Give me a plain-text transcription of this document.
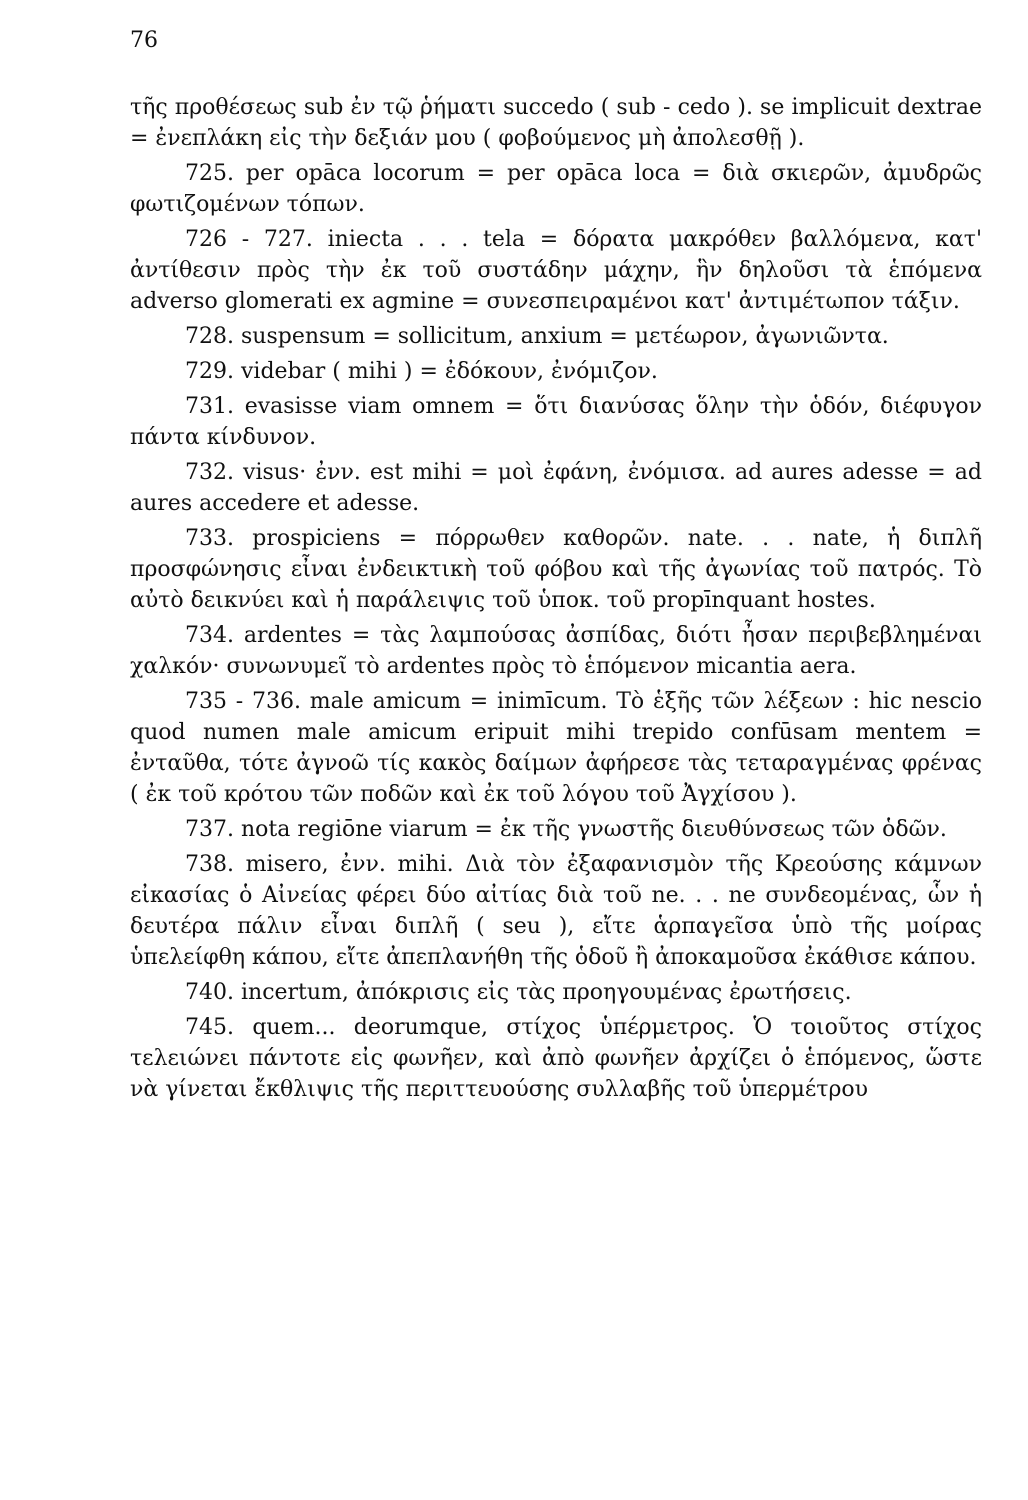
76

τῆς προθέσεως sub ἐν τῷ ῥήματι succedo ( sub - cedo ). se implicuit dextrae = ἐνεπλάκη εἰς τὴν δεξιάν μου ( φοβούμενος μὴ ἀπολεσθῇ ).

725. per opāca locorum = per opāca loca = διὰ σκιερῶν, ἀμυδρῶς φωτιζομένων τόπων.

726 - 727. iniecta . . . tela = δόρατα μακρόθεν βαλλόμενα, κατ' ἀντίθεσιν πρὸς τὴν ἐκ τοῦ συστάδην μάχην, ἣν δηλοῦσι τὰ ἑπόμενα adverso glomerati ex agmine = συνεσπειραμένοι κατ' ἀντιμέτωπον τάξιν.

728. suspensum = sollicitum, anxium = μετέωρον, ἀγωνιῶντα.

729. videbar ( mihi ) = ἐδόκουν, ἐνόμιζον.

731. evasisse viam omnem = ὅτι διανύσας ὅλην τὴν ὁδόν, διέφυγον πάντα κίνδυνον.

732. visus· ἐνν. est mihi = μοὶ ἐφάνη, ἐνόμισα. ad aures adesse = ad aures accedere et adesse.

733. prospiciens = πόρρωθεν καθορῶν. nate. . . nate, ἡ διπλῆ προσφώνησις εἶναι ἐνδεικτικὴ τοῦ φόβου καὶ τῆς ἀγωνίας τοῦ πατρός. Τὸ αὐτὸ δεικνύει καὶ ἡ παράλειψις τοῦ ὑποκ. τοῦ propīnquant hostes.

734. ardentes = τὰς λαμπούσας ἀσπίδας, διότι ἦσαν περιβεβλημέναι χαλκόν· συνωνυμεῖ τὸ ardentes πρὸς τὸ ἑπόμενον micantia aera.

735 - 736. male amicum = inimīcum. Τὸ ἑξῆς τῶν λέξεων : hic nescio quod numen male amicum eripuit mihi trepido confūsam mentem = ἐνταῦθα, τότε ἀγνοῶ τίς κακὸς δαίμων ἀφήρεσε τὰς τεταραγμένας φρένας ( ἐκ τοῦ κρότου τῶν ποδῶν καὶ ἐκ τοῦ λόγου τοῦ Ἀγχίσου ).

737. nota regiōne viarum = ἐκ τῆς γνωστῆς διευθύνσεως τῶν ὁδῶν.

738. misero, ἐνν. mihi. Διὰ τὸν ἐξαφανισμὸν τῆς Κρεούσης κάμνων εἰκασίας ὁ Αἰνείας φέρει δύο αἰτίας διὰ τοῦ ne. . . ne συνδεομένας, ὧν ἡ δευτέρα πάλιν εἶναι διπλῆ ( seu ), εἴτε ἁρπαγεῖσα ὑπὸ τῆς μοίρας ὑπελείφθη κάπου, εἴτε ἀπεπλανήθη τῆς ὁδοῦ ἢ ἀποκαμοῦσα ἐκάθισε κάπου.

740. incertum, ἀπόκρισις εἰς τὰς προηγουμένας ἐρωτήσεις.

745. quem... deorumque, στίχος ὑπέρμετρος. Ὁ τοιοῦτος στίχος τελειώνει πάντοτε εἰς φωνῆεν, καὶ ἀπὸ φωνῆεν ἀρχίζει ὁ ἑπόμενος, ὥστε νὰ γίνεται ἔκθλιψις τῆς περιττευούσης συλλαβῆς τοῦ ὑπερμέτρου
